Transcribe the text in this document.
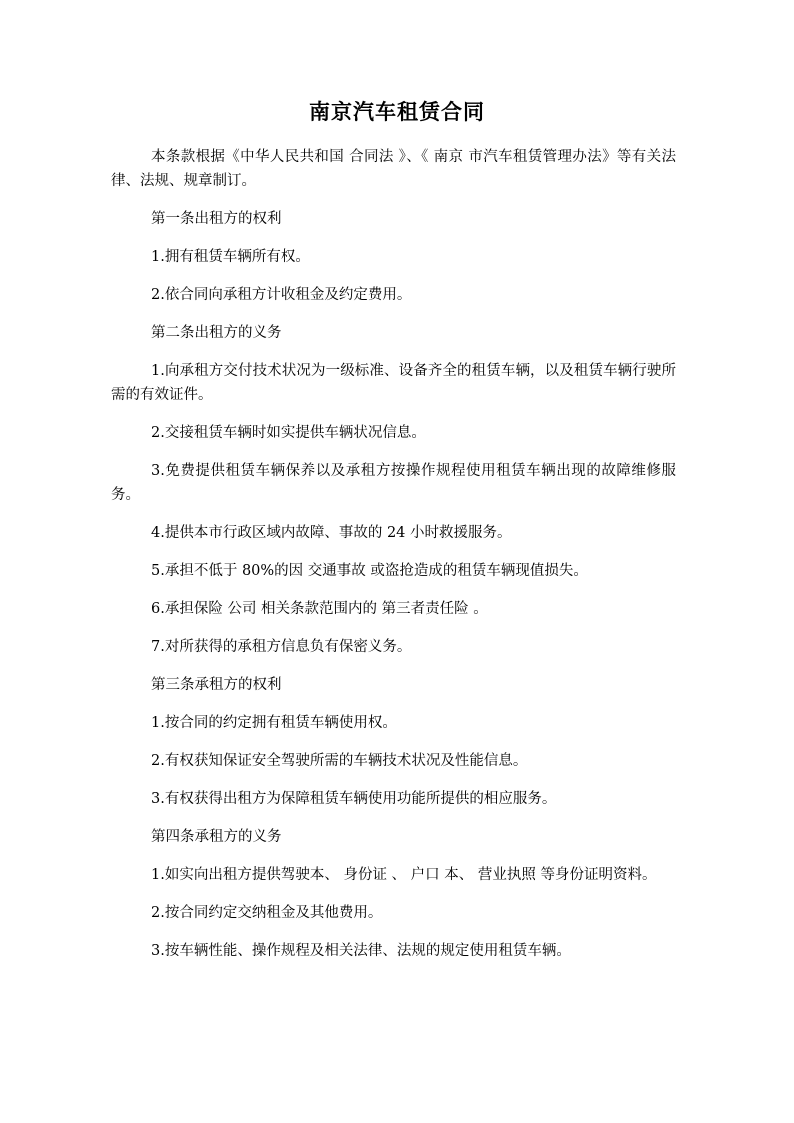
南京汽车租赁合同

本条款根据《中华人民共和国 合同法 》、《 南京 市汽车租赁管理办法》等有关法律、法规、规章制订。

第一条出租方的权利

1.拥有租赁车辆所有权。

2.依合同向承租方计收租金及约定费用。

第二条出租方的义务

1.向承租方交付技术状况为一级标准、设备齐全的租赁车辆，以及租赁车辆行驶所需的有效证件。

2.交接租赁车辆时如实提供车辆状况信息。

3.免费提供租赁车辆保养以及承租方按操作规程使用租赁车辆出现的故障维修服务。

4.提供本市行政区域内故障、事故的 24 小时救援服务。

5.承担不低于 80%的因 交通事故 或盗抢造成的租赁车辆现值损失。

6.承担保险 公司 相关条款范围内的 第三者责任险 。

7.对所获得的承租方信息负有保密义务。

第三条承租方的权利

1.按合同的约定拥有租赁车辆使用权。

2.有权获知保证安全驾驶所需的车辆技术状况及性能信息。

3.有权获得出租方为保障租赁车辆使用功能所提供的相应服务。

第四条承租方的义务

1.如实向出租方提供驾驶本、 身份证 、 户口 本、 营业执照 等身份证明资料。

2.按合同约定交纳租金及其他费用。

3.按车辆性能、操作规程及相关法律、法规的规定使用租赁车辆。
